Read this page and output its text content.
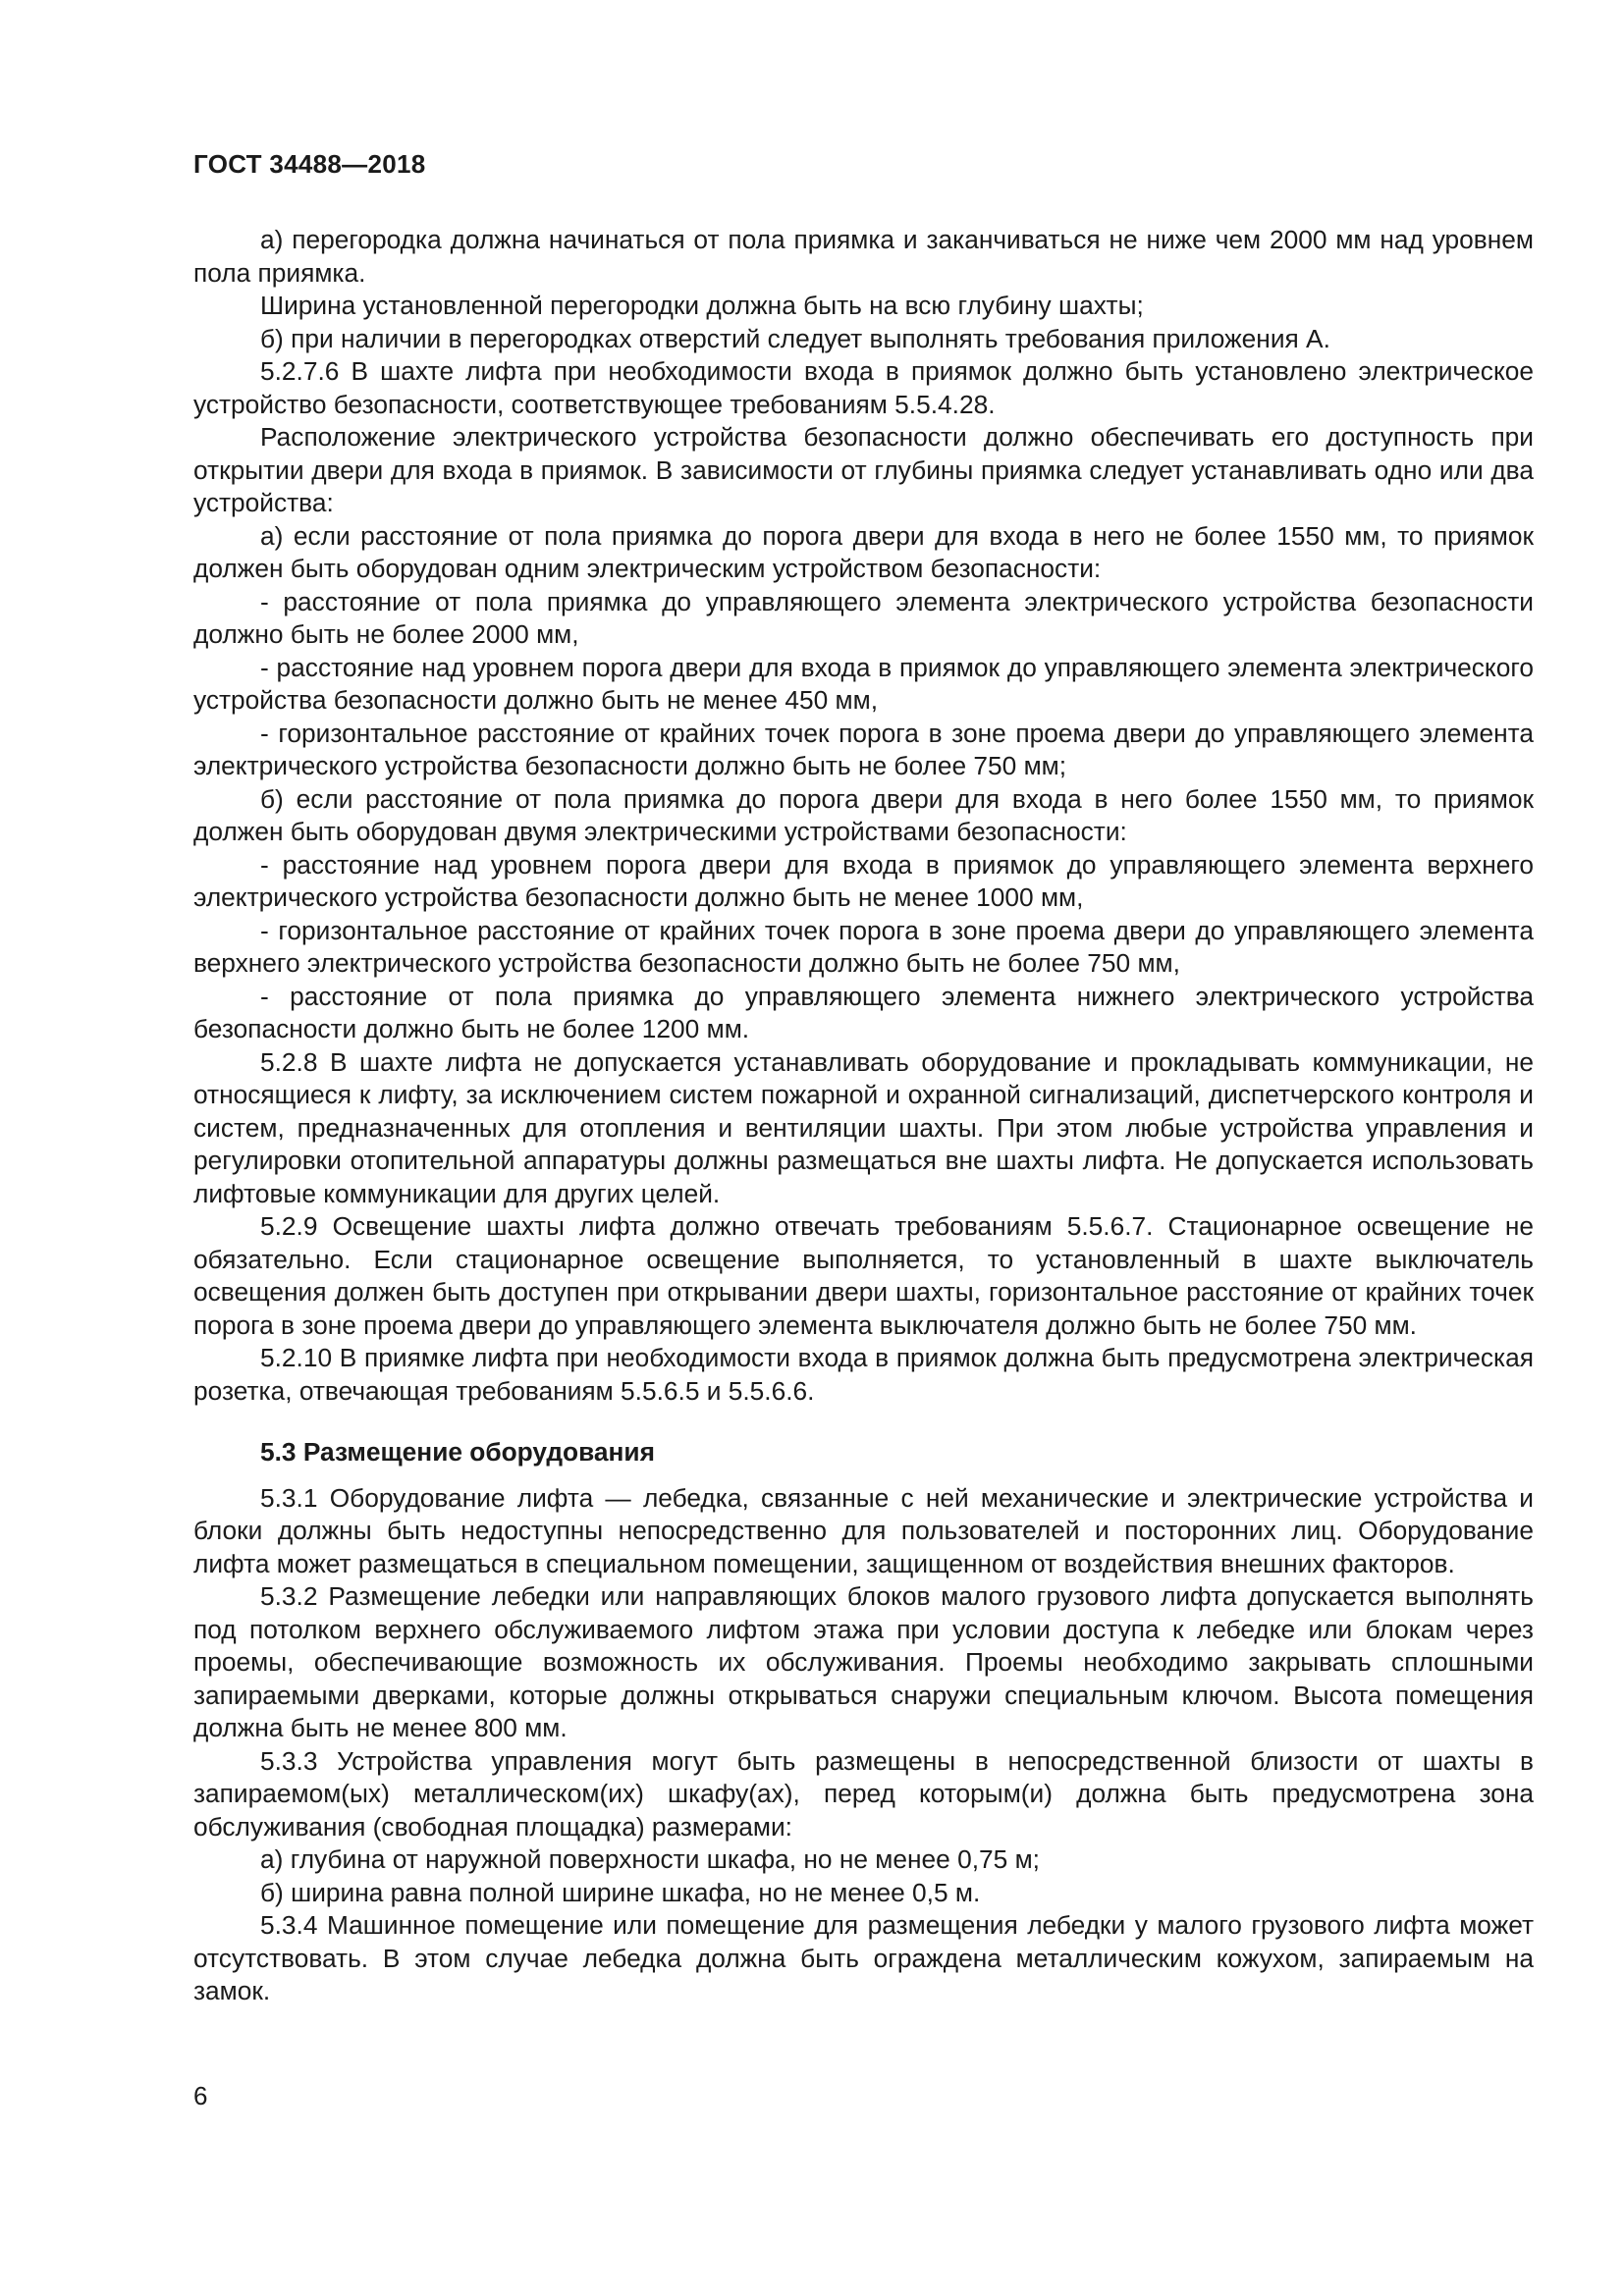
ГОСТ 34488—2018

а) перегородка должна начинаться от пола приямка и заканчиваться не ниже чем 2000 мм над уровнем пола приямка.

Ширина установленной перегородки должна быть на всю глубину шахты;

б) при наличии в перегородках отверстий следует выполнять требования приложения А.

5.2.7.6 В шахте лифта при необходимости входа в приямок должно быть установлено электрическое устройство безопасности, соответствующее требованиям 5.5.4.28.

Расположение электрического устройства безопасности должно обеспечивать его доступность при открытии двери для входа в приямок. В зависимости от глубины приямка следует устанавливать одно или два устройства:

а) если расстояние от пола приямка до порога двери для входа в него не более 1550 мм, то приямок должен быть оборудован одним электрическим устройством безопасности:

- расстояние от пола приямка до управляющего элемента электрического устройства безопасности должно быть не более 2000 мм,

- расстояние над уровнем порога двери для входа в приямок до управляющего элемента электрического устройства безопасности должно быть не менее 450 мм,

- горизонтальное расстояние от крайних точек порога в зоне проема двери до управляющего элемента электрического устройства безопасности должно быть не более 750 мм;

б) если расстояние от пола приямка до порога двери для входа в него более 1550 мм, то приямок должен быть оборудован двумя электрическими устройствами безопасности:

- расстояние над уровнем порога двери для входа в приямок до управляющего элемента верхнего электрического устройства безопасности должно быть не менее 1000 мм,

- горизонтальное расстояние от крайних точек порога в зоне проема двери до управляющего элемента верхнего электрического устройства безопасности должно быть не более 750 мм,

- расстояние от пола приямка до управляющего элемента нижнего электрического устройства безопасности должно быть не более 1200 мм.

5.2.8 В шахте лифта не допускается устанавливать оборудование и прокладывать коммуникации, не относящиеся к лифту, за исключением систем пожарной и охранной сигнализаций, диспетчерского контроля и систем, предназначенных для отопления и вентиляции шахты. При этом любые устройства управления и регулировки отопительной аппаратуры должны размещаться вне шахты лифта. Не допускается использовать лифтовые коммуникации для других целей.

5.2.9 Освещение шахты лифта должно отвечать требованиям 5.5.6.7. Стационарное освещение не обязательно. Если стационарное освещение выполняется, то установленный в шахте выключатель освещения должен быть доступен при открывании двери шахты, горизонтальное расстояние от крайних точек порога в зоне проема двери до управляющего элемента выключателя должно быть не более 750 мм.

5.2.10 В приямке лифта при необходимости входа в приямок должна быть предусмотрена электрическая розетка, отвечающая требованиям 5.5.6.5 и 5.5.6.6.

5.3 Размещение оборудования

5.3.1 Оборудование лифта — лебедка, связанные с ней механические и электрические устройства и блоки должны быть недоступны непосредственно для пользователей и посторонних лиц. Оборудование лифта может размещаться в специальном помещении, защищенном от воздействия внешних факторов.

5.3.2 Размещение лебедки или направляющих блоков малого грузового лифта допускается выполнять под потолком верхнего обслуживаемого лифтом этажа при условии доступа к лебедке или блокам через проемы, обеспечивающие возможность их обслуживания. Проемы необходимо закрывать сплошными запираемыми дверками, которые должны открываться снаружи специальным ключом. Высота помещения должна быть не менее 800 мм.

5.3.3 Устройства управления могут быть размещены в непосредственной близости от шахты в запираемом(ых) металлическом(их) шкафу(ах), перед которым(и) должна быть предусмотрена зона обслуживания (свободная площадка) размерами:

а) глубина от наружной поверхности шкафа, но не менее 0,75 м;

б) ширина равна полной ширине шкафа, но не менее 0,5 м.

5.3.4 Машинное помещение или помещение для размещения лебедки у малого грузового лифта может отсутствовать. В этом случае лебедка должна быть ограждена металлическим кожухом, запираемым на замок.

6
